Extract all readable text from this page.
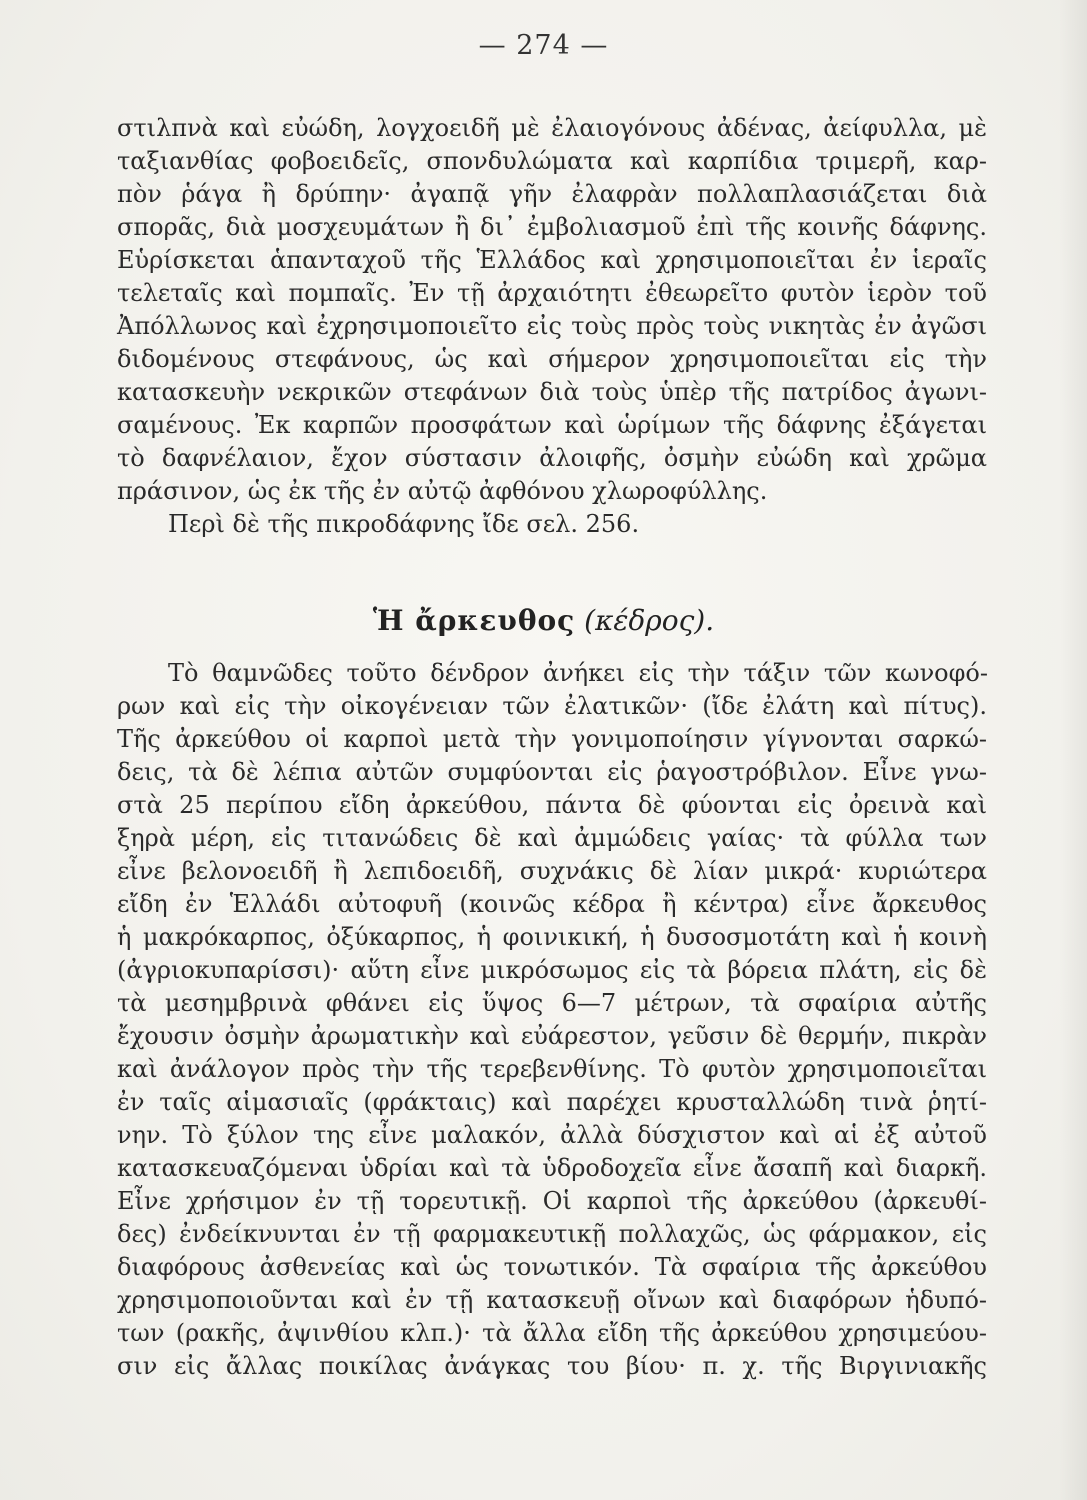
— 274 —
στιλπνὰ καὶ εὐώδη, λογχοειδῆ μὲ ἐλαιογόνους ἀδένας, ἀείφυλλα, μὲ
ταξιανθίας φοβοειδεῖς, σπονδυλώματα καὶ καρπίδια τριμερῆ, καρ-
πὸν ῥάγα ἢ δρύπην· ἀγαπᾷ γῆν ἐλαφρὰν πολλαπλασιάζεται διὰ
σπορᾶς, διὰ μοσχευμάτων ἢ δι᾽ ἐμβολιασμοῦ ἐπὶ τῆς κοινῆς δάφνης.
Εὑρίσκεται ἁπανταχοῦ τῆς Ἑλλάδος καὶ χρησιμοποιεῖται ἐν ἱεραῖς
τελεταῖς καὶ πομπαῖς. Ἐν τῇ ἀρχαιότητι ἐθεωρεῖτο φυτὸν ἱερὸν τοῦ
Ἀπόλλωνος καὶ ἐχρησιμοποιεῖτο εἰς τοὺς πρὸς τοὺς νικητὰς ἐν ἀγῶσι
διδομένους στεφάνους, ὡς καὶ σήμερον χρησιμοποιεῖται εἰς τὴν
κατασκευὴν νεκρικῶν στεφάνων διὰ τοὺς ὑπὲρ τῆς πατρίδος ἀγωνι-
σαμένους. Ἐκ καρπῶν προσφάτων καὶ ὡρίμων τῆς δάφνης ἐξάγεται
τὸ δαφνέλαιον, ἔχον σύστασιν ἀλοιφῆς, ὀσμὴν εὐώδη καὶ χρῶμα
πράσινον, ὡς ἐκ τῆς ἐν αὐτῷ ἀφθόνου χλωροφύλλης.
Περὶ δὲ τῆς πικροδάφνης ἴδε σελ. 256.
Ἡ ἄρκευθος (κέδρος).
Τὸ θαμνῶδες τοῦτο δένδρον ἀνήκει εἰς τὴν τάξιν τῶν κωνοφό-
ρων καὶ εἰς τὴν οἰκογένειαν τῶν ἐλατικῶν· (ἴδε ἐλάτη καὶ πίτυς).
Τῆς ἀρκεύθου οἱ καρποὶ μετὰ τὴν γονιμοποίησιν γίγνονται σαρκώ-
δεις, τὰ δὲ λέπια αὐτῶν συμφύονται εἰς ῥαγοστρόβιλον. Εἶνε γνω-
στὰ 25 περίπου εἴδη ἀρκεύθου, πάντα δὲ φύονται εἰς ὀρεινὰ καὶ
ξηρὰ μέρη, εἰς τιτανώδεις δὲ καὶ ἀμμώδεις γαίας· τὰ φύλλα των
εἶνε βελονοειδῆ ἢ λεπιδοειδῆ, συχνάκις δὲ λίαν μικρά· κυριώτερα
εἴδη ἐν Ἑλλάδι αὐτοφυῆ (κοινῶς κέδρα ἢ κέντρα) εἶνε ἄρκευθος
ἡ μακρόκαρπος, ὀξύκαρπος, ἡ φοινικική, ἡ δυσοσμοτάτη καὶ ἡ κοινὴ
(ἀγριοκυπαρίσσι)· αὕτη εἶνε μικρόσωμος εἰς τὰ βόρεια πλάτη, εἰς δὲ
τὰ μεσημβρινὰ φθάνει εἰς ὕψος 6—7 μέτρων, τὰ σφαίρια αὐτῆς
ἔχουσιν ὀσμὴν ἀρωματικὴν καὶ εὐάρεστον, γεῦσιν δὲ θερμήν, πικρὰν
καὶ ἀνάλογον πρὸς τὴν τῆς τερεβενθίνης. Τὸ φυτὸν χρησιμοποιεῖται
ἐν ταῖς αἱμασιαῖς (φράκταις) καὶ παρέχει κρυσταλλώδη τινὰ ῥητί-
νην. Τὸ ξύλον της εἶνε μαλακόν, ἀλλὰ δύσχιστον καὶ αἱ ἐξ αὐτοῦ
κατασκευαζόμεναι ὑδρίαι καὶ τὰ ὑδροδοχεῖα εἶνε ἄσαπῆ καὶ διαρκῆ.
Εἶνε χρήσιμον ἐν τῇ τορευτικῇ. Οἱ καρποὶ τῆς ἀρκεύθου (ἀρκευθί-
δες) ἐνδείκνυνται ἐν τῇ φαρμακευτικῇ πολλαχῶς, ὡς φάρμακον, εἰς
διαφόρους ἀσθενείας καὶ ὡς τονωτικόν. Τὰ σφαίρια τῆς ἀρκεύθου
χρησιμοποιοῦνται καὶ ἐν τῇ κατασκευῇ οἴνων καὶ διαφόρων ἡδυπό-
των (ρακῆς, ἀψινθίου κλπ.)· τὰ ἄλλα εἴδη τῆς ἀρκεύθου χρησιμεύου-
σιν εἰς ἄλλας ποικίλας ἀνάγκας του βίου· π. χ. τῆς Βιργινιακῆς
